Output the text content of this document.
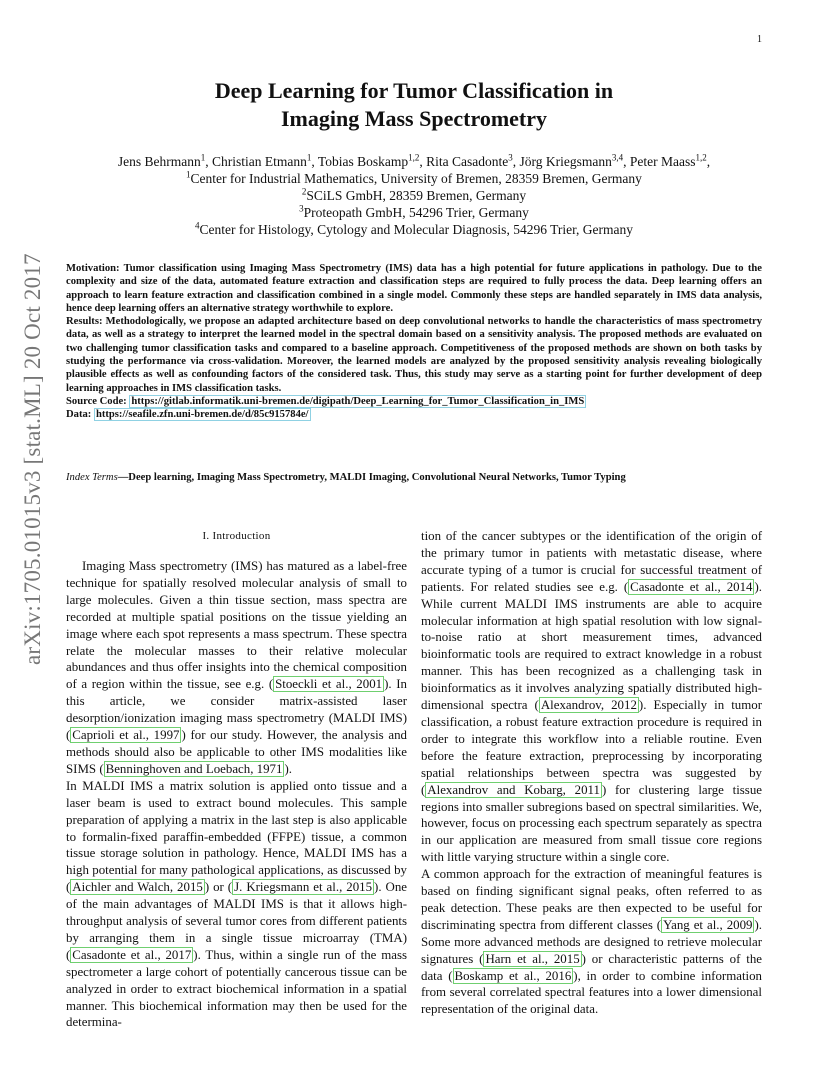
1
arXiv:1705.01015v3 [stat.ML] 20 Oct 2017
Deep Learning for Tumor Classification in
Imaging Mass Spectrometry
Jens Behrmann$^1$, Christian Etmann$^1$, Tobias Boskamp$^{1,2}$, Rita Casadonte$^3$, Jörg Kriegsmann$^{3,4}$, Peter Maass$^{1,2}$,
$^1$Center for Industrial Mathematics, University of Bremen, 28359 Bremen, Germany
$^2$SCiLS GmbH, 28359 Bremen, Germany
$^3$Proteopath GmbH, 54296 Trier, Germany
$^4$Center for Histology, Cytology and Molecular Diagnosis, 54296 Trier, Germany

Motivation: Tumor classification using Imaging Mass Spectrometry (IMS) data has a high potential for future applications in pathology. Due to the complexity and size of the data, automated feature extraction and classification steps are required to fully process the data. Deep learning offers an approach to learn feature extraction and classification combined in a single model. Commonly these steps are handled separately in IMS data analysis, hence deep learning offers an alternative strategy worthwhile to explore.

Results: Methodologically, we propose an adapted architecture based on deep convolutional networks to handle the characteristics of mass spectrometry data, as well as a strategy to interpret the learned model in the spectral domain based on a sensitivity analysis. The proposed methods are evaluated on two challenging tumor classification tasks and compared to a baseline approach. Competitiveness of the proposed methods are shown on both tasks by studying the performance via cross-validation. Moreover, the learned models are analyzed by the proposed sensitivity analysis revealing biologically plausible effects as well as confounding factors of the considered task. Thus, this study may serve as a starting point for further development of deep learning approaches in IMS classification tasks.

Source Code: https://gitlab.informatik.uni-bremen.de/digipath/Deep_Learning_for_Tumor_Classification_in_IMS

Data: https://seafile.zfn.uni-bremen.de/d/85c915784e/

Index Terms—Deep learning, Imaging Mass Spectrometry, MALDI Imaging, Convolutional Neural Networks, Tumor Typing
I. Introduction

Imaging Mass spectrometry (IMS) has matured as a label-free technique for spatially resolved molecular analysis of small to large molecules. Given a thin tissue section, mass spectra are recorded at multiple spatial positions on the tissue yielding an image where each spot represents a mass spectrum. These spectra relate the molecular masses to their relative molecular abundances and thus offer insights into the chemical composition of a region within the tissue, see e.g. ( Stoeckli et al., 2001 ). In this article, we consider matrix-assisted laser desorption/ionization imaging mass spectrometry (MALDI IMS) ( Caprioli et al., 1997 ) for our study. However, the analysis and methods should also be applicable to other IMS modalities like SIMS ( Benninghoven and Loebach, 1971 ).

In MALDI IMS a matrix solution is applied onto tissue and a laser beam is used to extract bound molecules. This sample preparation of applying a matrix in the last step is also applicable to formalin-fixed paraffin-embedded (FFPE) tissue, a common tissue storage solution in pathology. Hence, MALDI IMS has a high potential for many pathological applications, as discussed by ( Aichler and Walch, 2015 ) or ( J. Kriegsmann et al., 2015 ). One of the main advantages of MALDI IMS is that it allows high-throughput analysis of several tumor cores from different patients by arranging them in a single tissue microarray (TMA) ( Casadonte et al., 2017 ). Thus, within a single run of the mass spectrometer a large cohort of potentially cancerous tissue can be analyzed in order to extract biochemical information in a spatial manner. This biochemical information may then be used for the determina-

tion of the cancer subtypes or the identification of the origin of the primary tumor in patients with metastatic disease, where accurate typing of a tumor is crucial for successful treatment of patients. For related studies see e.g. ( Casadonte et al., 2014 ). While current MALDI IMS instruments are able to acquire molecular information at high spatial resolution with low signal-to-noise ratio at short measurement times, advanced bioinformatic tools are required to extract knowledge in a robust manner. This has been recognized as a challenging task in bioinformatics as it involves analyzing spatially distributed high-dimensional spectra ( Alexandrov, 2012 ). Especially in tumor classification, a robust feature extraction procedure is required in order to integrate this workflow into a reliable routine. Even before the feature extraction, preprocessing by incorporating spatial relationships between spectra was suggested by ( Alexandrov and Kobarg, 2011 ) for clustering large tissue regions into smaller subregions based on spectral similarities. We, however, focus on processing each spectrum separately as spectra in our application are measured from small tissue core regions with little varying structure within a single core.

A common approach for the extraction of meaningful features is based on finding significant signal peaks, often referred to as peak detection. These peaks are then expected to be useful for discriminating spectra from different classes ( Yang et al., 2009 ). Some more advanced methods are designed to retrieve molecular signatures ( Harn et al., 2015 ) or characteristic patterns of the data ( Boskamp et al., 2016 ), in order to combine information from several correlated spectral features into a lower dimensional representation of the original data.
